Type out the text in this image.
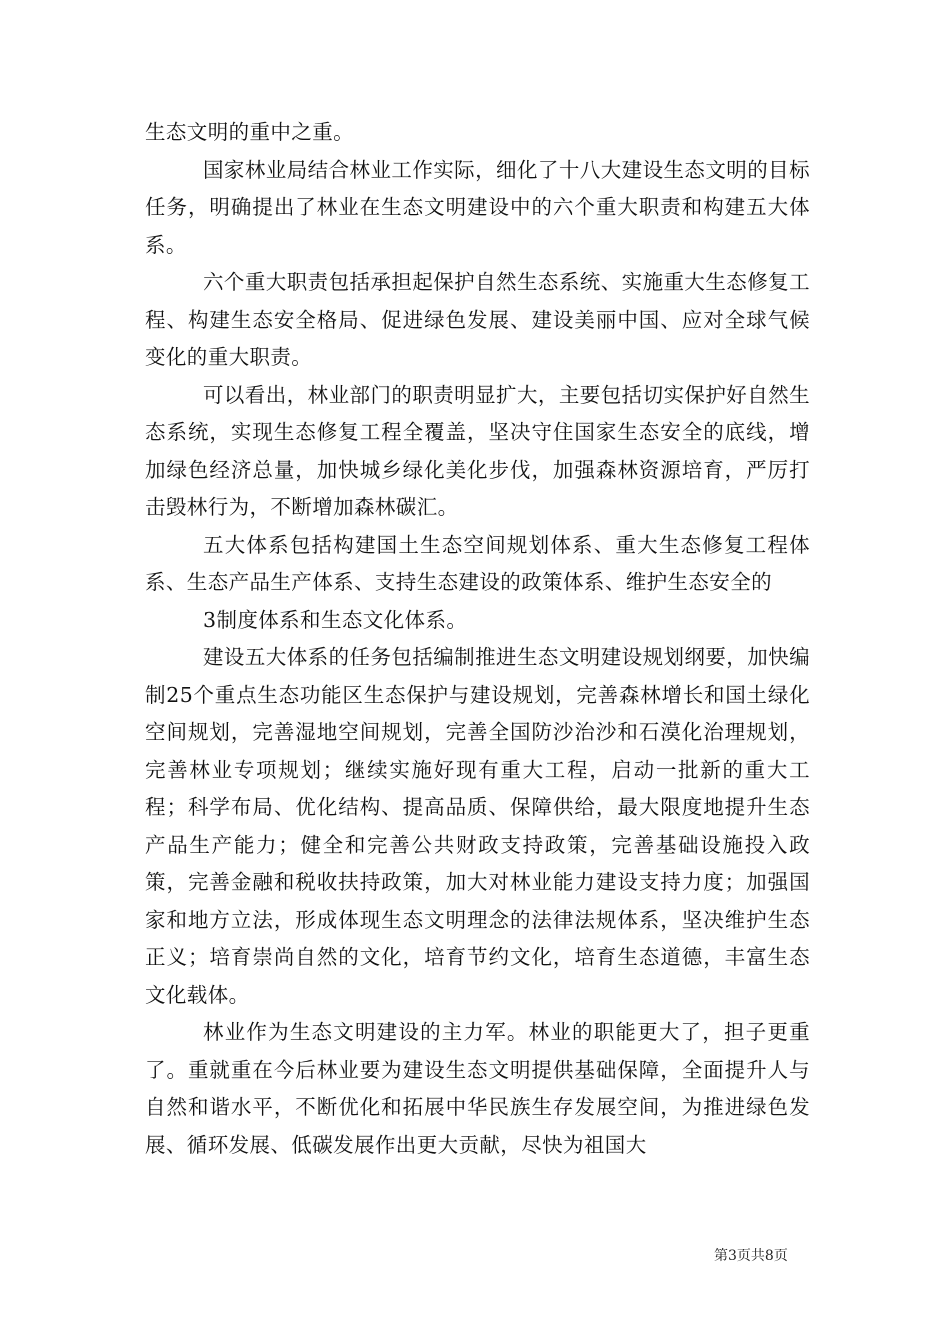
生态文明的重中之重。

国家林业局结合林业工作实际，细化了十八大建设生态文明的目标任务，明确提出了林业在生态文明建设中的六个重大职责和构建五大体系。

六个重大职责包括承担起保护自然生态系统、实施重大生态修复工程、构建生态安全格局、促进绿色发展、建设美丽中国、应对全球气候变化的重大职责。

可以看出，林业部门的职责明显扩大，主要包括切实保护好自然生态系统，实现生态修复工程全覆盖，坚决守住国家生态安全的底线，增加绿色经济总量，加快城乡绿化美化步伐，加强森林资源培育，严厉打击毁林行为，不断增加森林碳汇。

五大体系包括构建国土生态空间规划体系、重大生态修复工程体系、生态产品生产体系、支持生态建设的政策体系、维护生态安全的

3制度体系和生态文化体系。

建设五大体系的任务包括编制推进生态文明建设规划纲要，加快编制25个重点生态功能区生态保护与建设规划，完善森林增长和国土绿化空间规划，完善湿地空间规划，完善全国防沙治沙和石漠化治理规划，完善林业专项规划；继续实施好现有重大工程，启动一批新的重大工程；科学布局、优化结构、提高品质、保障供给，最大限度地提升生态产品生产能力；健全和完善公共财政支持政策，完善基础设施投入政策，完善金融和税收扶持政策，加大对林业能力建设支持力度；加强国家和地方立法，形成体现生态文明理念的法律法规体系，坚决维护生态正义；培育崇尚自然的文化，培育节约文化，培育生态道德，丰富生态文化载体。

林业作为生态文明建设的主力军。林业的职能更大了，担子更重了。重就重在今后林业要为建设生态文明提供基础保障，全面提升人与自然和谐水平，不断优化和拓展中华民族生存发展空间，为推进绿色发展、循环发展、低碳发展作出更大贡献，尽快为祖国大

第3页共8页
